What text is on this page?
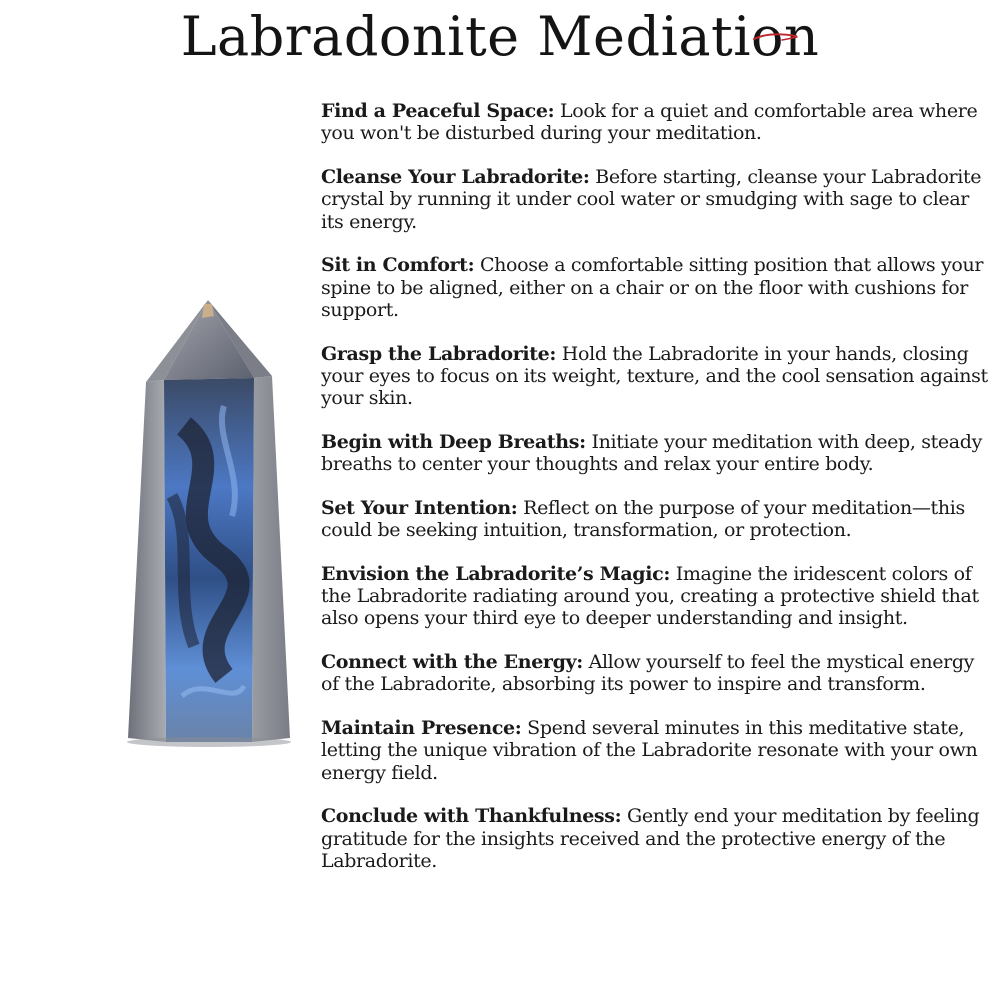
Labradonite Mediation
Find a Peaceful Space: Look for a quiet and comfortable area where you won't be disturbed during your meditation.
Cleanse Your Labradorite: Before starting, cleanse your Labradorite crystal by running it under cool water or smudging with sage to clear its energy.
Sit in Comfort: Choose a comfortable sitting position that allows your spine to be aligned, either on a chair or on the floor with cushions for support.
Grasp the Labradorite: Hold the Labradorite in your hands, closing your eyes to focus on its weight, texture, and the cool sensation against your skin.
Begin with Deep Breaths: Initiate your meditation with deep, steady breaths to center your thoughts and relax your entire body.
Set Your Intention: Reflect on the purpose of your meditation—this could be seeking intuition, transformation, or protection.
Envision the Labradorite’s Magic: Imagine the iridescent colors of the Labradorite radiating around you, creating a protective shield that also opens your third eye to deeper understanding and insight.
Connect with the Energy: Allow yourself to feel the mystical energy of the Labradorite, absorbing its power to inspire and transform.
Maintain Presence: Spend several minutes in this meditative state, letting the unique vibration of the Labradorite resonate with your own energy field.
Conclude with Thankfulness: Gently end your meditation by feeling gratitude for the insights received and the protective energy of the Labradorite.
